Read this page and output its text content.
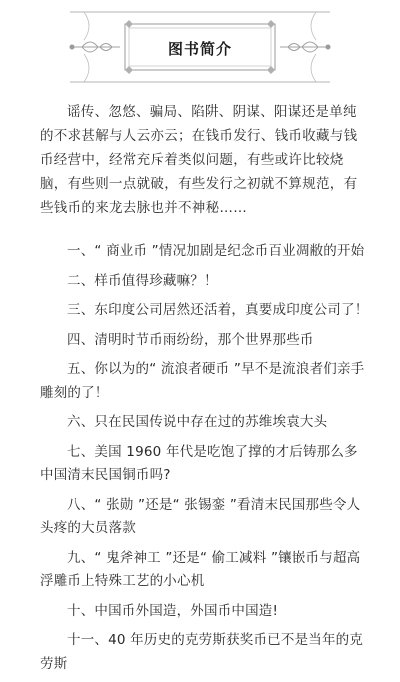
图书简介
谣传、忽悠、骗局、陷阱、阴谋、阳谋还是单纯的不求甚解与人云亦云；在钱币发行、钱币收藏与钱币经营中，经常充斥着类似问题，有些或许比较烧脑，有些则一点就破，有些发行之初就不算规范，有些钱币的来龙去脉也并不神秘……

一、“ 商业币 ”情况加剧是纪念币百业凋敝的开始

二、样币值得珍藏嘛？！

三、东印度公司居然还活着，真要成印度公司了！

四、清明时节币雨纷纷，那个世界那些币

五、你以为的“ 流浪者硬币 ”早不是流浪者们亲手雕刻的了！

六、只在民国传说中存在过的苏维埃袁大头

七、美国 1960 年代是吃饱了撑的才后铸那么多中国清末民国铜币吗?

八、“ 张勋 ”还是“ 张锡銮 ”看清末民国那些令人头疼的大员落款

九、“ 鬼斧神工 ”还是“ 偷工减料 ”镶嵌币与超高浮雕币上特殊工艺的小心机

十、中国币外国造，外国币中国造!

十一、40 年历史的克劳斯获奖币已不是当年的克劳斯
